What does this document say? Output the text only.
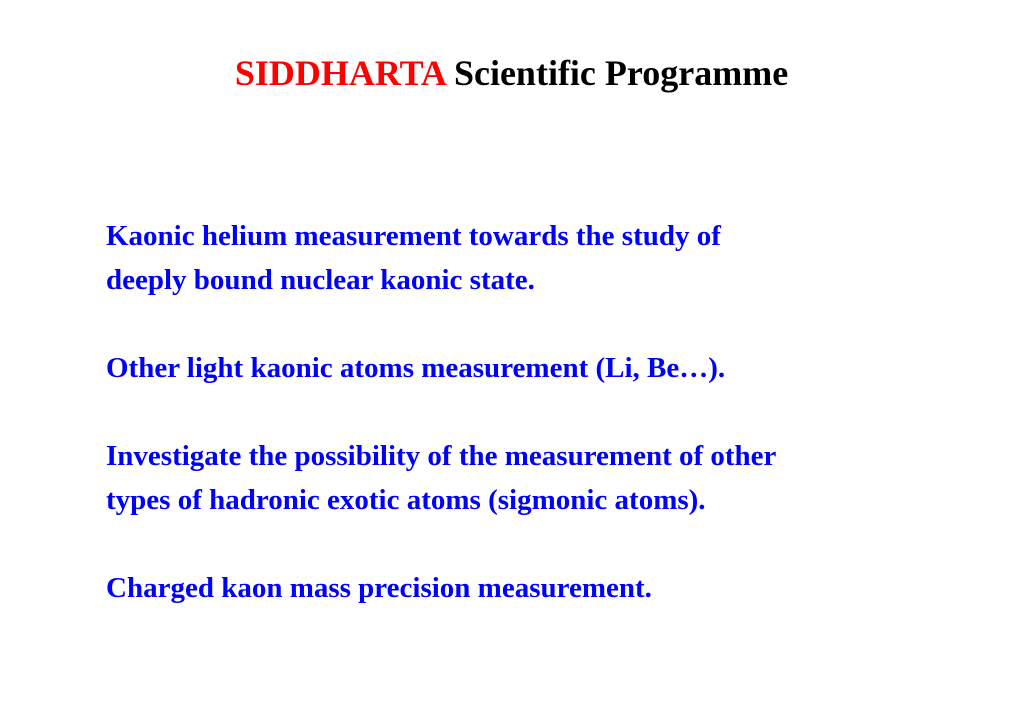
SIDDHARTA Scientific Programme
Kaonic helium measurement towards the study of
deeply bound nuclear kaonic state.
Other light kaonic atoms measurement (Li, Be…).
Investigate the possibility of the measurement of other
types of hadronic exotic atoms (sigmonic atoms).
Charged kaon mass precision measurement.
